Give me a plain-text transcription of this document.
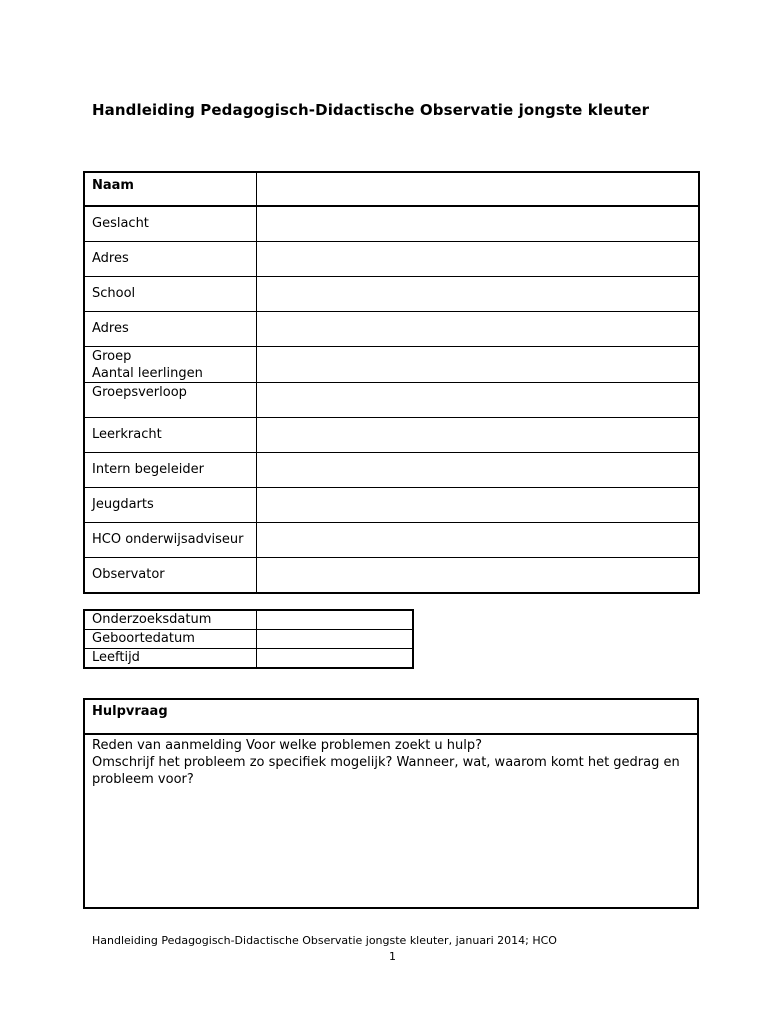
Handleiding Pedagogisch-Didactische Observatie jongste kleuter
Naam	
Geslacht	
Adres	
School	
Adres	

Groep
Aantal leerlingen	

Groepsverloop	
Leerkracht	
Intern begeleider	
Jeugdarts	
HCO onderwijsadviseur	
Observator	
Onderzoeksdatum	
Geboortedatum	
Leeftijd	
Hulpvraag
Reden van aanmelding Voor welke problemen zoekt u hulp?
Omschrijf het probleem zo specifiek mogelijk? Wanneer, wat, waarom komt het gedrag en
probleem voor?
Handleiding Pedagogisch-Didactische Observatie jongste kleuter, januari 2014; HCO
1
